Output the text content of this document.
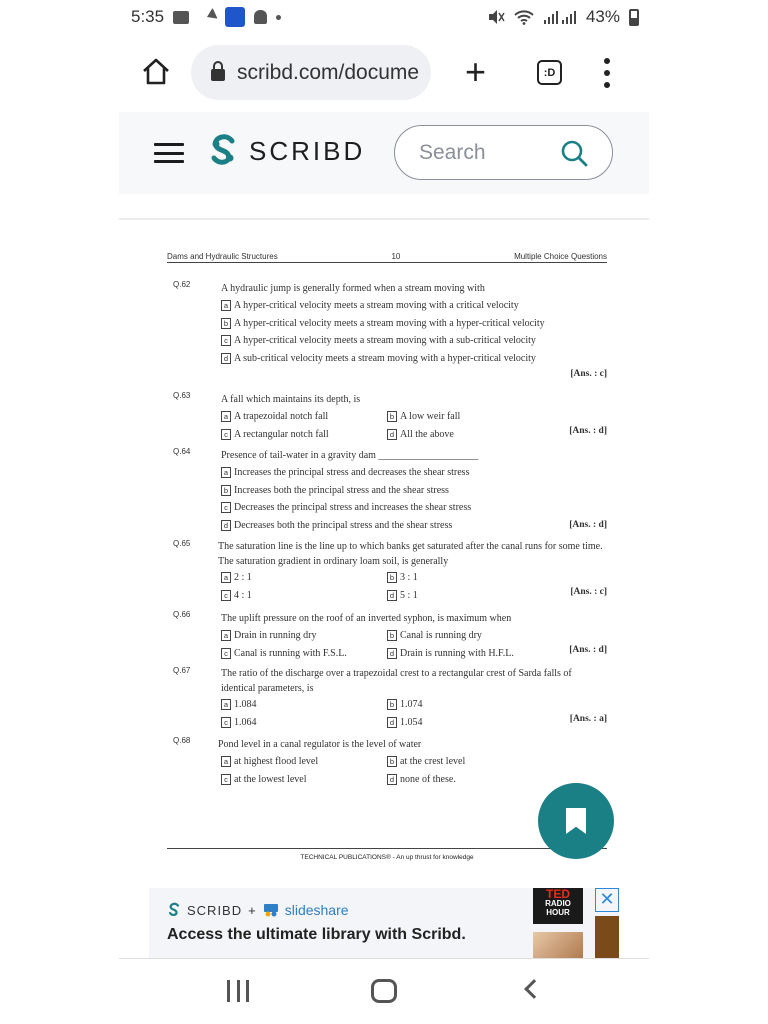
5:35	43%
scribd.com/docume +	:D
SCRIBD
Search
Dams and Hydraulic Structures	10	Multiple Choice Questions
Q.62	A hydraulic jump is generally formed when a stream moving with
a A hyper-critical velocity meets a stream moving with a critical velocity
b A hyper-critical velocity meets a stream moving with a hyper-critical velocity
c A hyper-critical velocity meets a stream moving with a sub-critical velocity
d A sub-critical velocity meets a stream moving with a hyper-critical velocity
[Ans. : c]
Q.63	A fall which maintains its depth, is
a A trapezoidal notch fall	b A low weir fall
c A rectangular notch fall	d All the above	[Ans. : d]
Q.64	Presence of tail-water in a gravity dam ____________________
a Increases the principal stress and decreases the shear stress
b Increases both the principal stress and the shear stress
c Decreases the principal stress and increases the shear stress
d Decreases both the principal stress and the shear stress	[Ans. : d]
Q.65	The saturation line is the line up to which banks get saturated after the canal runs for some time. The saturation gradient in ordinary loam soil, is generally
a 2 : 1	b 3 : 1
c 4 : 1	d 5 : 1	[Ans. : c]
Q.66	The uplift pressure on the roof of an inverted syphon, is maximum when
a Drain in running dry	b Canal is running dry
c Canal is running with F.S.L.	d Drain is running with H.F.L.	[Ans. : d]
Q.67	The ratio of the discharge over a trapezoidal crest to a rectangular crest of Sarda falls of identical parameters, is
a 1.084	b 1.074
c 1.064	d 1.054	[Ans. : a]
Q.68	Pond level in a canal regulator is the level of water
a at highest flood level	b at the crest level
c at the lowest level	d none of these.
TECHNICAL PUBLICATIONS® - An up thrust for knowledge
SCRIBD + slideshare
Access the ultimate library with Scribd.
TED
RADIO
HOUR
✕
